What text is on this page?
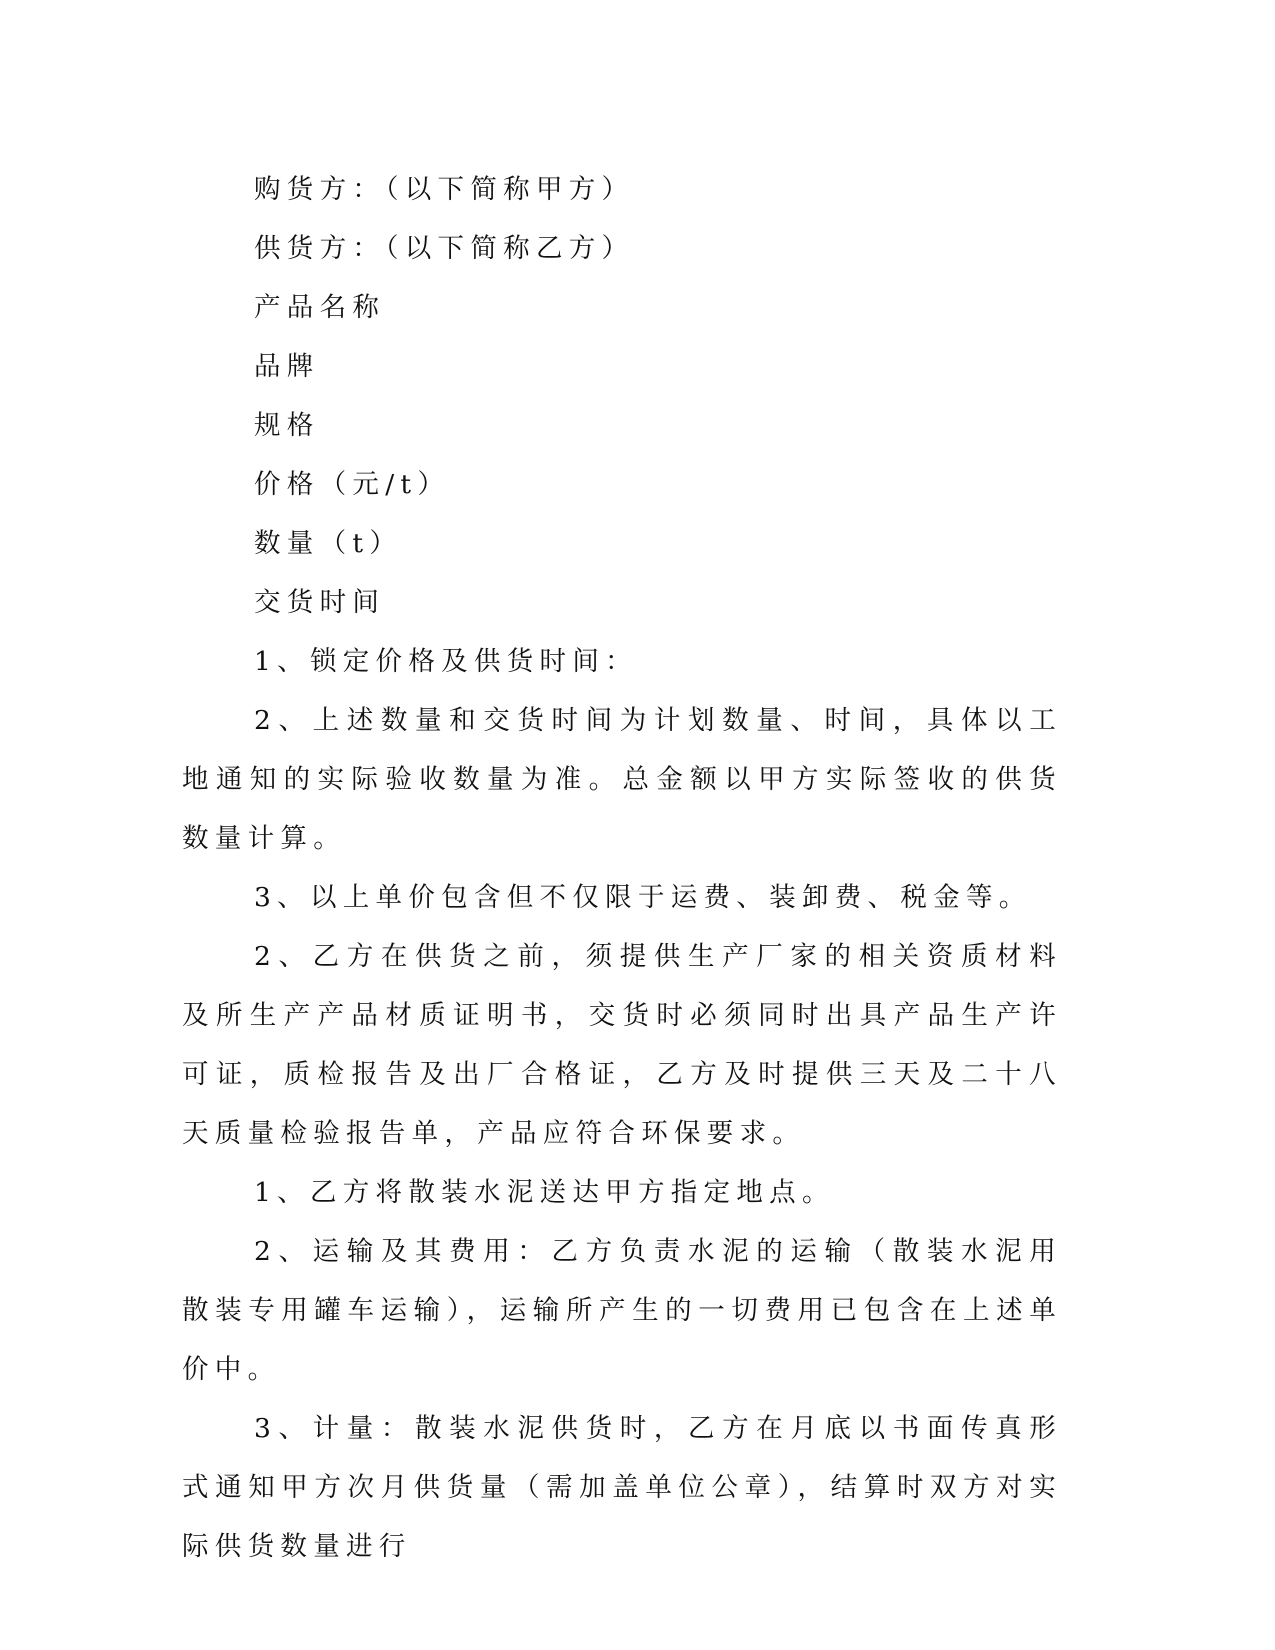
购货方：（以下简称甲方）

供货方：（以下简称乙方）

产品名称

品牌

规格

价格（元/t）

数量（t）

交货时间

1、锁定价格及供货时间：

2、上述数量和交货时间为计划数量、时间，具体以工地通知的实际验收数量为准。总金额以甲方实际签收的供货数量计算。

3、以上单价包含但不仅限于运费、装卸费、税金等。

2、乙方在供货之前，须提供生产厂家的相关资质材料及所生产产品材质证明书，交货时必须同时出具产品生产许可证，质检报告及出厂合格证，乙方及时提供三天及二十八天质量检验报告单，产品应符合环保要求。

1、乙方将散装水泥送达甲方指定地点。

2、运输及其费用：乙方负责水泥的运输（散装水泥用散装专用罐车运输），运输所产生的一切费用已包含在上述单价中。

3、计量：散装水泥供货时，乙方在月底以书面传真形式通知甲方次月供货量（需加盖单位公章），结算时双方对实际供货数量进行
